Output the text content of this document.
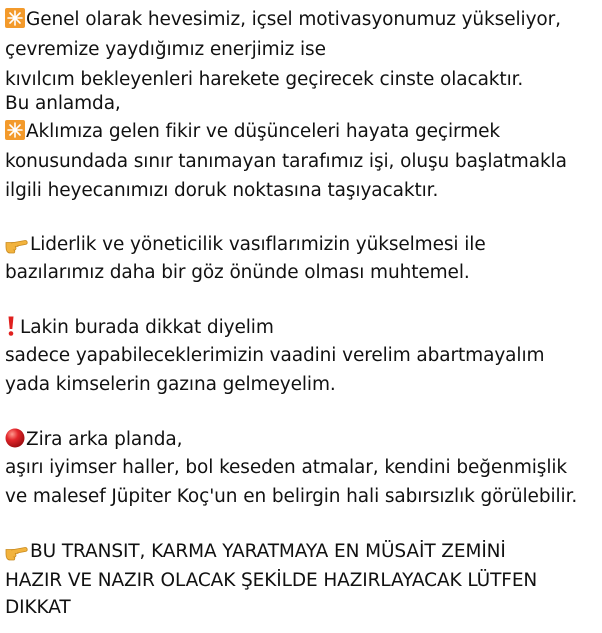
Genel olarak hevesimiz, içsel motivasyonumuz yükseliyor,
çevremize yaydığımız enerjimiz ise
kıvılcım bekleyenleri harekete geçirecek cinste olacaktır.
Bu anlamda,
Aklımıza gelen fikir ve düşünceleri hayata geçirmek
konusundada sınır tanımayan tarafımız işi, oluşu başlatmakla
ilgili heyecanımızı doruk noktasına taşıyacaktır.
Liderlik ve yöneticilik vasıflarımizin yükselmesi ile
bazılarımız daha bir göz önünde olması muhtemel.
Lakin burada dikkat diyelim
sadece yapabileceklerimizin vaadini verelim abartmayalım
yada kimselerin gazına gelmeyelim.
Zira arka planda,
aşırı iyimser haller, bol keseden atmalar, kendini beğenmişlik
ve malesef Jüpiter Koç'un en belirgin hali sabırsızlık görülebilir.
BU TRANSIT, KARMA YARATMAYA EN MÜSAİT ZEMİNİ
HAZIR VE NAZIR OLACAK ŞEKİLDE HAZIRLAYACAK LÜTFEN
DIKKAT
